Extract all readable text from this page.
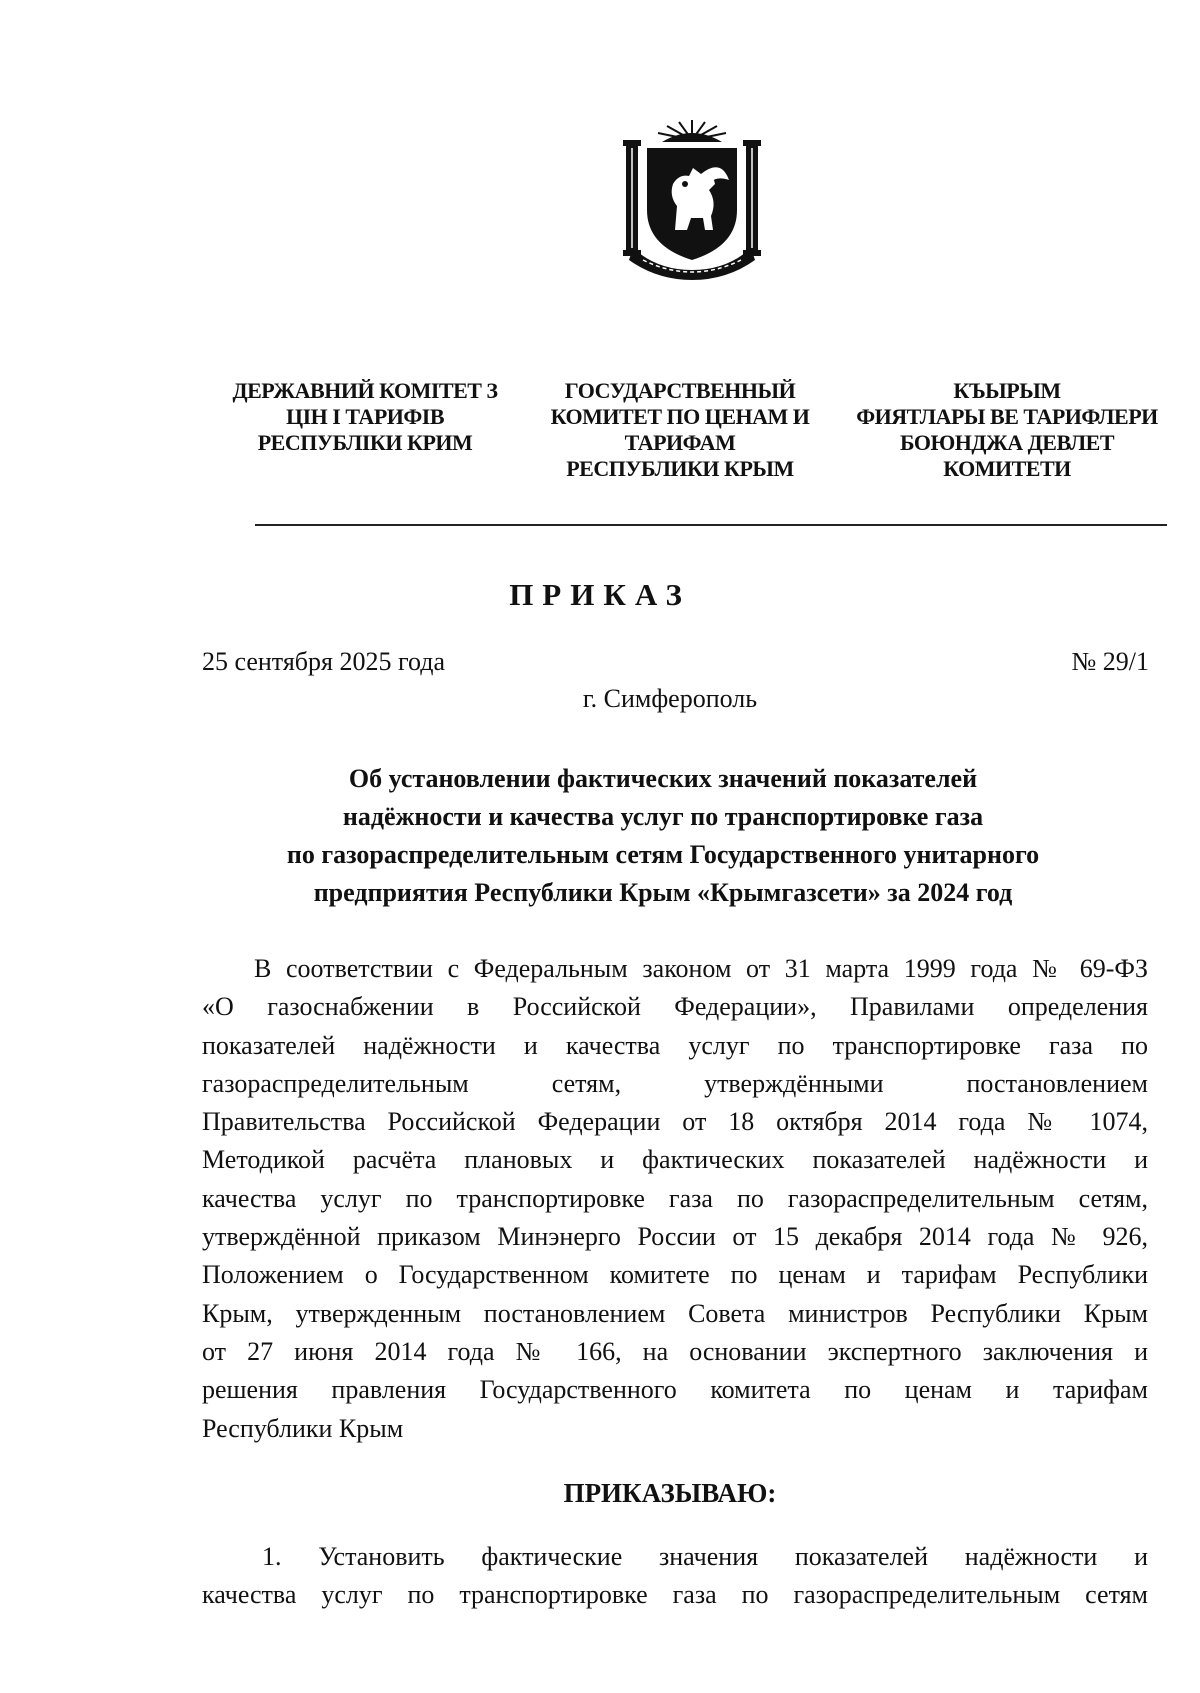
ДЕРЖАВНИЙ КОМІТЕТ З
ЦІН І ТАРИФІВ
РЕСПУБЛІКИ КРИМ
ГОСУДАРСТВЕННЫЙ
КОМИТЕТ ПО ЦЕНАМ И
ТАРИФАМ
РЕСПУБЛИКИ КРЫМ
КЪЫРЫМ
ФИЯТЛАРЫ ВЕ ТАРИФЛЕРИ
БОЮНДЖА ДЕВЛЕТ
КОМИТЕТИ
ПРИКАЗ
25 сентября 2025 года	№ 29/1
г. Симферополь
Об установлении фактических значений показателей
надёжности и качества услуг по транспортировке газа
по газораспределительным сетям Государственного унитарного
предприятия Республики Крым «Крымгазсети» за 2024 год
В соответствии с Федеральным законом от 31 марта 1999 года № 69-ФЗ
«О газоснабжении в Российской Федерации», Правилами определения
показателей надёжности и качества услуг по транспортировке газа по
газораспределительным сетям, утверждёнными постановлением
Правительства Российской Федерации от 18 октября 2014 года № 1074,
Методикой расчёта плановых и фактических показателей надёжности и
качества услуг по транспортировке газа по газораспределительным сетям,
утверждённой приказом Минэнерго России от 15 декабря 2014 года № 926,
Положением о Государственном комитете по ценам и тарифам Республики
Крым, утвержденным постановлением Совета министров Республики Крым
от 27 июня 2014 года № 166, на основании экспертного заключения и
решения правления Государственного комитета по ценам и тарифам
Республики Крым
ПРИКАЗЫВАЮ:
1. Установить фактические значения показателей надёжности и
качества услуг по транспортировке газа по газораспределительным сетям
